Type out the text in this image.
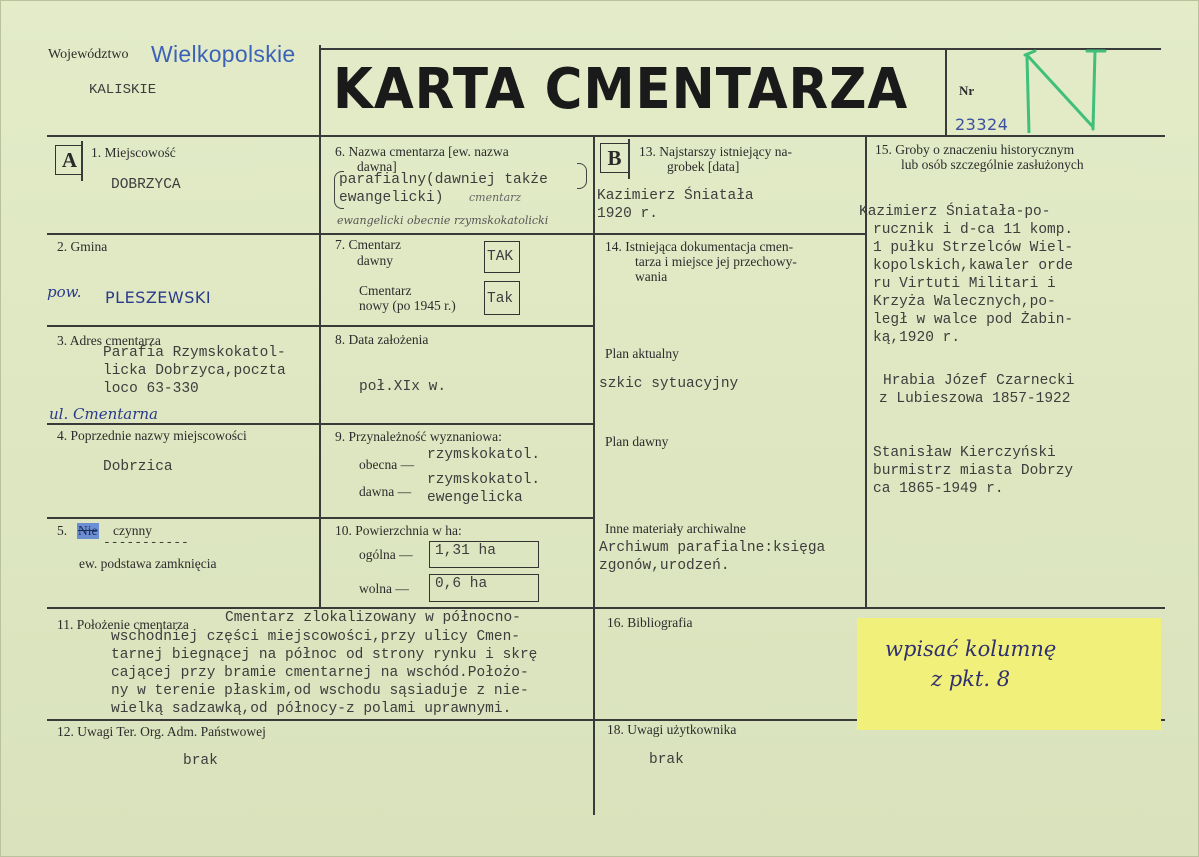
Województwo Wielkopolskie
KALISKIE	KARTA CMENTARZA	Nr
23324
A	1. Miejscowość
DOBRZYCA
2. Gmina
pow. PLESZEWSKI
3. Adres cmentarza
Parafia Rzymskokatol-
licka Dobrzyca,poczta
loco 63-330
ul. Cmentarna
4. Poprzednie nazwy miejscowości
Dobrzica
5. Nie czynny
-----------
ew. podstawa zamknięcia
6. Nazwa cmentarza [ew. nazwa
dawna]
parafialny(dawniej także
ewangelicki) cmentarz
ewangelicki obecnie rzymskokatolicki
7. Cmentarz
dawny	TAK
Cmentarz
nowy (po 1945 r.) Tak
8. Data założenia
poł.XIx w.
9. Przynależność wyznaniowa:
obecna —
rzymskokatol.
dawna —
rzymskokatol.
ewengelicka
10. Powierzchnia w ha:
ogólna — 1,31 ha
wolna — 0,6 ha
B	13. Najstarszy istniejący na-
grobek [data]
Kazimierz Śniatała
1920 r.
14. Istniejąca dokumentacja cmen-
tarza i miejsce jej przechowy-
wania
Plan aktualny
szkic sytuacyjny
Plan dawny
Inne materiały archiwalne
Archiwum parafialne:księga
zgonów,urodzeń.
15. Groby o znaczeniu historycznym
lub osób szczególnie zasłużonych
Kazimierz Śniatała-po-
rucznik i d-ca 11 komp.
1 pułku Strzelców Wiel-
kopolskich,kawaler orde
ru Virtuti Militari i
Krzyża Walecznych,po-
legł w walce pod Żabin-
ką,1920 r.
Hrabia Józef Czarnecki
z Lubieszowa 1857-1922
Stanisław Kierczyński
burmistrz miasta Dobrzy
ca 1865-1949 r.
11. Położenie cmentarza Cmentarz zlokalizowany w północno-
wschodniej części miejscowości,przy ulicy Cmen-
tarnej biegnącej na północ od strony rynku i skrę
cającej przy bramie cmentarnej na wschód.Położo-
ny w terenie płaskim,od wschodu sąsiaduje z nie-
wielką sadzawką,od północy-z polami uprawnymi.
16. Bibliografia
wpisać kolumnę
z pkt. 8
12. Uwagi Ter. Org. Adm. Państwowej
brak
18. Uwagi użytkownika
brak
